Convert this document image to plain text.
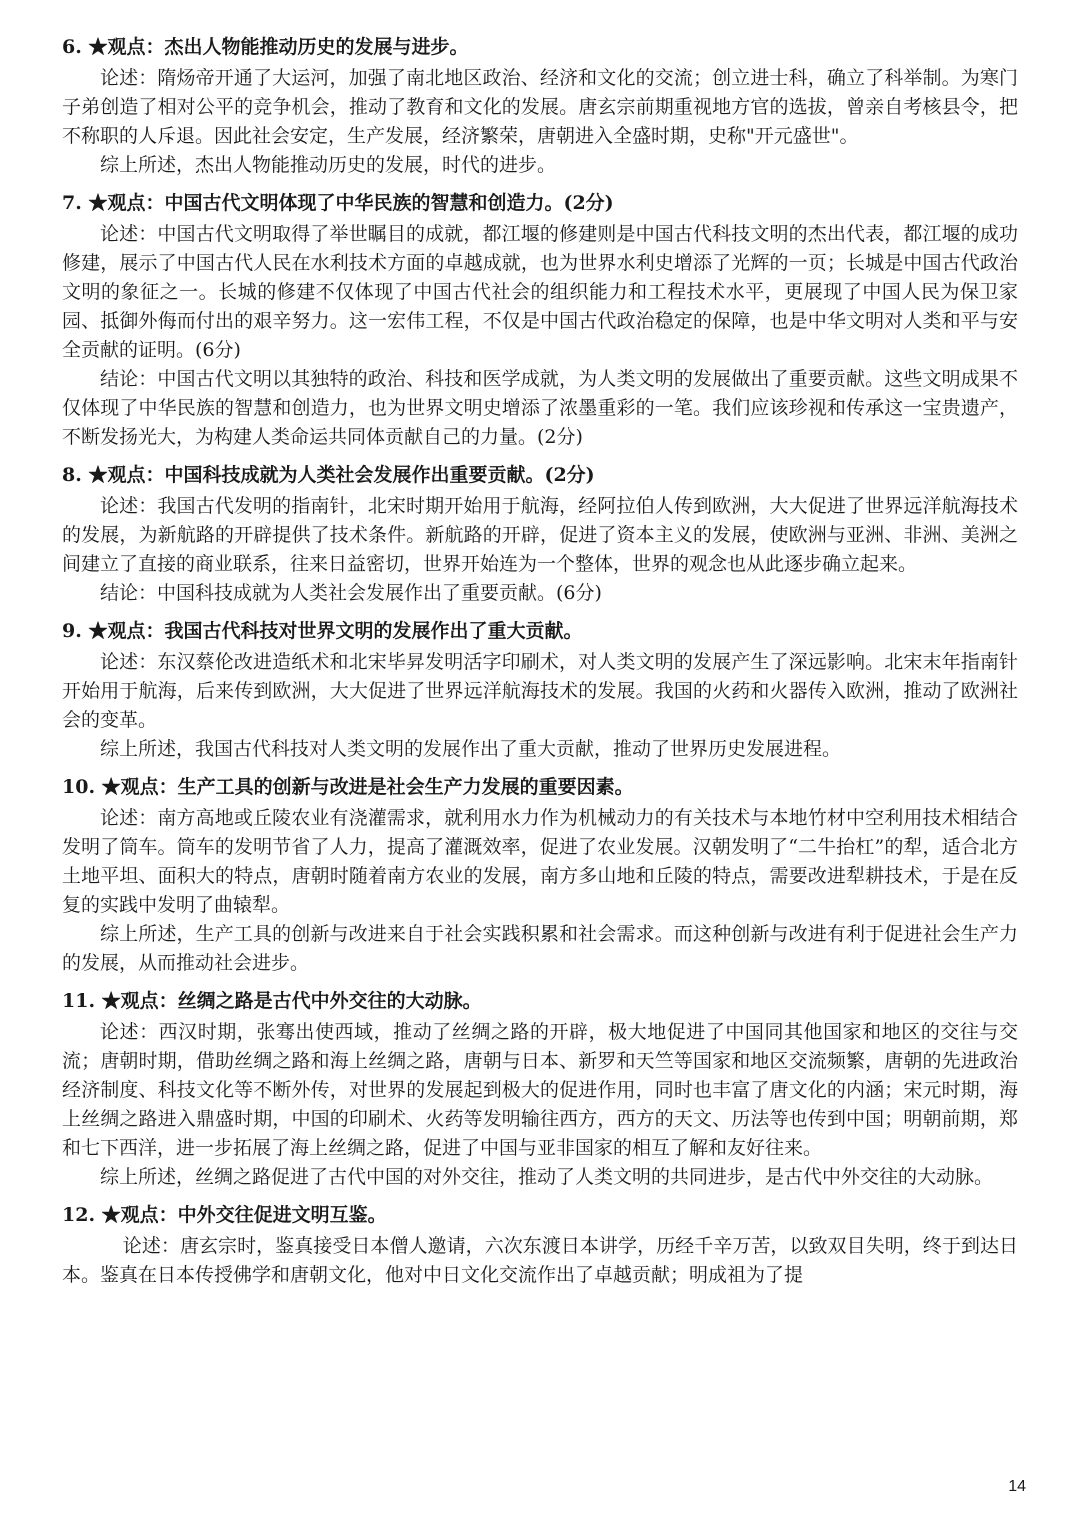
6. ★观点：杰出人物能推动历史的发展与进步。

论述：隋炀帝开通了大运河，加强了南北地区政治、经济和文化的交流；创立进士科，确立了科举制。为寒门子弟创造了相对公平的竞争机会，推动了教育和文化的发展。唐玄宗前期重视地方官的选拔，曾亲自考核县令，把不称职的人斥退。因此社会安定，生产发展，经济繁荣，唐朝进入全盛时期，史称"开元盛世"。

综上所述，杰出人物能推动历史的发展，时代的进步。

7. ★观点：中国古代文明体现了中华民族的智慧和创造力。(2分)

论述：中国古代文明取得了举世瞩目的成就，都江堰的修建则是中国古代科技文明的杰出代表，都江堰的成功修建，展示了中国古代人民在水利技术方面的卓越成就，也为世界水利史增添了光辉的一页；长城是中国古代政治文明的象征之一。长城的修建不仅体现了中国古代社会的组织能力和工程技术水平，更展现了中国人民为保卫家园、抵御外侮而付出的艰辛努力。这一宏伟工程，不仅是中国古代政治稳定的保障，也是中华文明对人类和平与安全贡献的证明。(6分)

结论：中国古代文明以其独特的政治、科技和医学成就，为人类文明的发展做出了重要贡献。这些文明成果不仅体现了中华民族的智慧和创造力，也为世界文明史增添了浓墨重彩的一笔。我们应该珍视和传承这一宝贵遗产，不断发扬光大，为构建人类命运共同体贡献自己的力量。(2分)

8. ★观点：中国科技成就为人类社会发展作出重要贡献。(2分)

论述：我国古代发明的指南针，北宋时期开始用于航海，经阿拉伯人传到欧洲，大大促进了世界远洋航海技术的发展，为新航路的开辟提供了技术条件。新航路的开辟，促进了资本主义的发展，使欧洲与亚洲、非洲、美洲之间建立了直接的商业联系，往来日益密切，世界开始连为一个整体，世界的观念也从此逐步确立起来。

结论：中国科技成就为人类社会发展作出了重要贡献。(6分)

9. ★观点：我国古代科技对世界文明的发展作出了重大贡献。

论述：东汉蔡伦改进造纸术和北宋毕昇发明活字印刷术，对人类文明的发展产生了深远影响。北宋末年指南针开始用于航海，后来传到欧洲，大大促进了世界远洋航海技术的发展。我国的火药和火器传入欧洲，推动了欧洲社会的变革。

综上所述，我国古代科技对人类文明的发展作出了重大贡献，推动了世界历史发展进程。

10. ★观点：生产工具的创新与改进是社会生产力发展的重要因素。

论述：南方高地或丘陵农业有浇灌需求，就利用水力作为机械动力的有关技术与本地竹材中空利用技术相结合发明了筒车。筒车的发明节省了人力，提高了灌溉效率，促进了农业发展。汉朝发明了“二牛抬杠”的犁，适合北方土地平坦、面积大的特点，唐朝时随着南方农业的发展，南方多山地和丘陵的特点，需要改进犁耕技术，于是在反复的实践中发明了曲辕犁。

综上所述，生产工具的创新与改进来自于社会实践积累和社会需求。而这种创新与改进有利于促进社会生产力的发展，从而推动社会进步。

11. ★观点：丝绸之路是古代中外交往的大动脉。

论述：西汉时期，张骞出使西域，推动了丝绸之路的开辟，极大地促进了中国同其他国家和地区的交往与交流；唐朝时期，借助丝绸之路和海上丝绸之路，唐朝与日本、新罗和天竺等国家和地区交流频繁，唐朝的先进政治经济制度、科技文化等不断外传，对世界的发展起到极大的促进作用，同时也丰富了唐文化的内涵；宋元时期，海上丝绸之路进入鼎盛时期，中国的印刷术、火药等发明输往西方，西方的天文、历法等也传到中国；明朝前期，郑和七下西洋，进一步拓展了海上丝绸之路，促进了中国与亚非国家的相互了解和友好往来。

综上所述，丝绸之路促进了古代中国的对外交往，推动了人类文明的共同进步，是古代中外交往的大动脉。

12. ★观点：中外交往促进文明互鉴。

论述：唐玄宗时，鉴真接受日本僧人邀请，六次东渡日本讲学，历经千辛万苦，以致双目失明，终于到达日本。鉴真在日本传授佛学和唐朝文化，他对中日文化交流作出了卓越贡献；明成祖为了提

14
